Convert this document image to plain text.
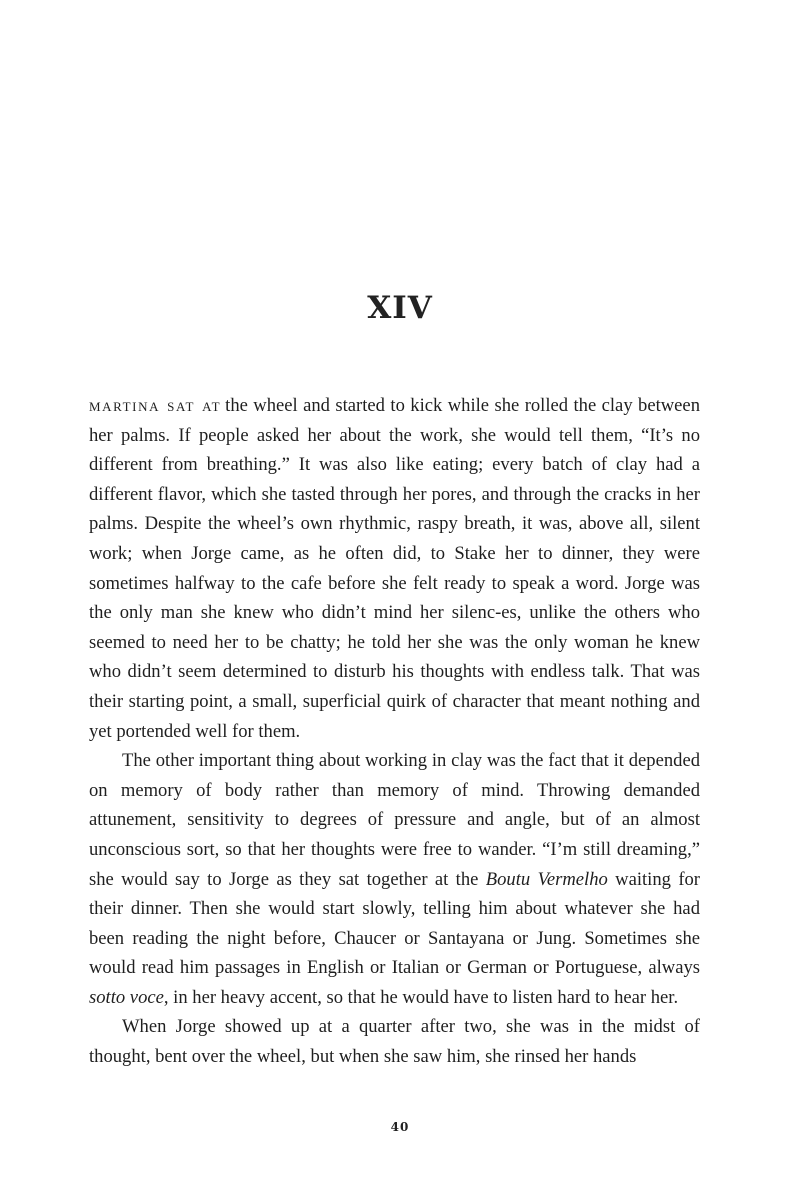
XIV

martina sat at the wheel and started to kick while she rolled the clay between her palms. If people asked her about the work, she would tell them, “It’s no different from breathing.” It was also like eating; every batch of clay had a different flavor, which she tasted through her pores, and through the cracks in her palms. Despite the wheel’s own rhythmic, raspy breath, it was, above all, silent work; when Jorge came, as he often did, to Stake her to dinner, they were sometimes halfway to the cafe before she felt ready to speak a word. Jorge was the only man she knew who didn’t mind her silenc-es, unlike the others who seemed to need her to be chatty; he told her she was the only woman he knew who didn’t seem determined to disturb his thoughts with endless talk. That was their starting point, a small, superficial quirk of character that meant nothing and yet portended well for them.

The other important thing about working in clay was the fact that it depended on memory of body rather than memory of mind. Throwing demanded attunement, sensitivity to degrees of pressure and angle, but of an almost unconscious sort, so that her thoughts were free to wander. “I’m still dreaming,” she would say to Jorge as they sat together at the Boutu Vermelho waiting for their dinner. Then she would start slowly, telling him about whatever she had been reading the night before, Chaucer or Santayana or Jung. Sometimes she would read him passages in English or Italian or German or Portuguese, always sotto voce, in her heavy accent, so that he would have to listen hard to hear her.

When Jorge showed up at a quarter after two, she was in the midst of thought, bent over the wheel, but when she saw him, she rinsed her hands

40
